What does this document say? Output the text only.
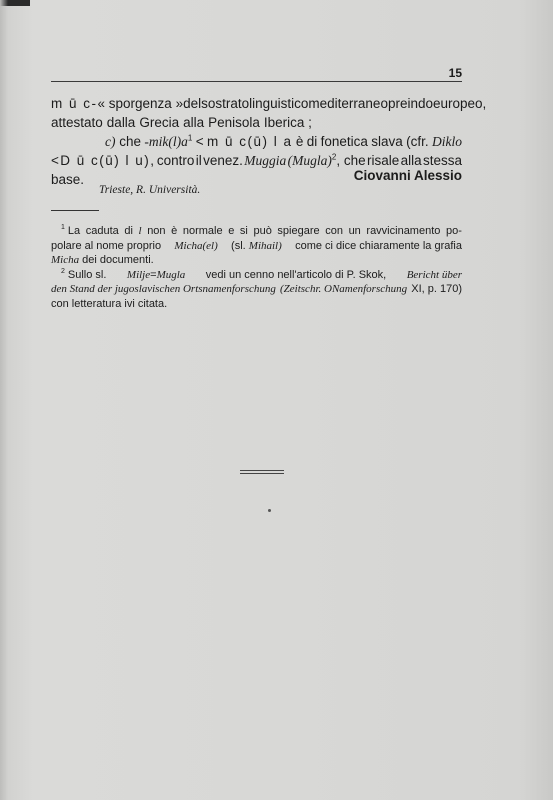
15
m ū c- « sporgenza » del sostrato linguistico mediterraneo preindoeuropeo,
attestato dalla Grecia alla Penisola Iberica ;
c) che $-mik(l)a^1 < m$ ū c(ū) l a è di fonetica slava (cfr. Diklo
< D ū c(ū) l u), contro il venez. Muggia (Mugla)$^2$, che risale alla stessa
base.	Ciovanni Alessio
Trieste, R. Università.
$^1$ La caduta di l non è normale e si può spiegare con un ravvicinamento po-
polare al nome proprio Micha(el) (sl. Mihail) come ci dice chiaramente la grafia
Micha
dei documenti.
$^2$ Sullo sl. Milje=Mugla vedi un cenno nell'articolo di P. Skok, Bericht über
den Stand der jugoslavischen Ortsnamenforschung (Zeitschr. ONamenforschung XI, p. 170)
con letteratura ivi citata.
